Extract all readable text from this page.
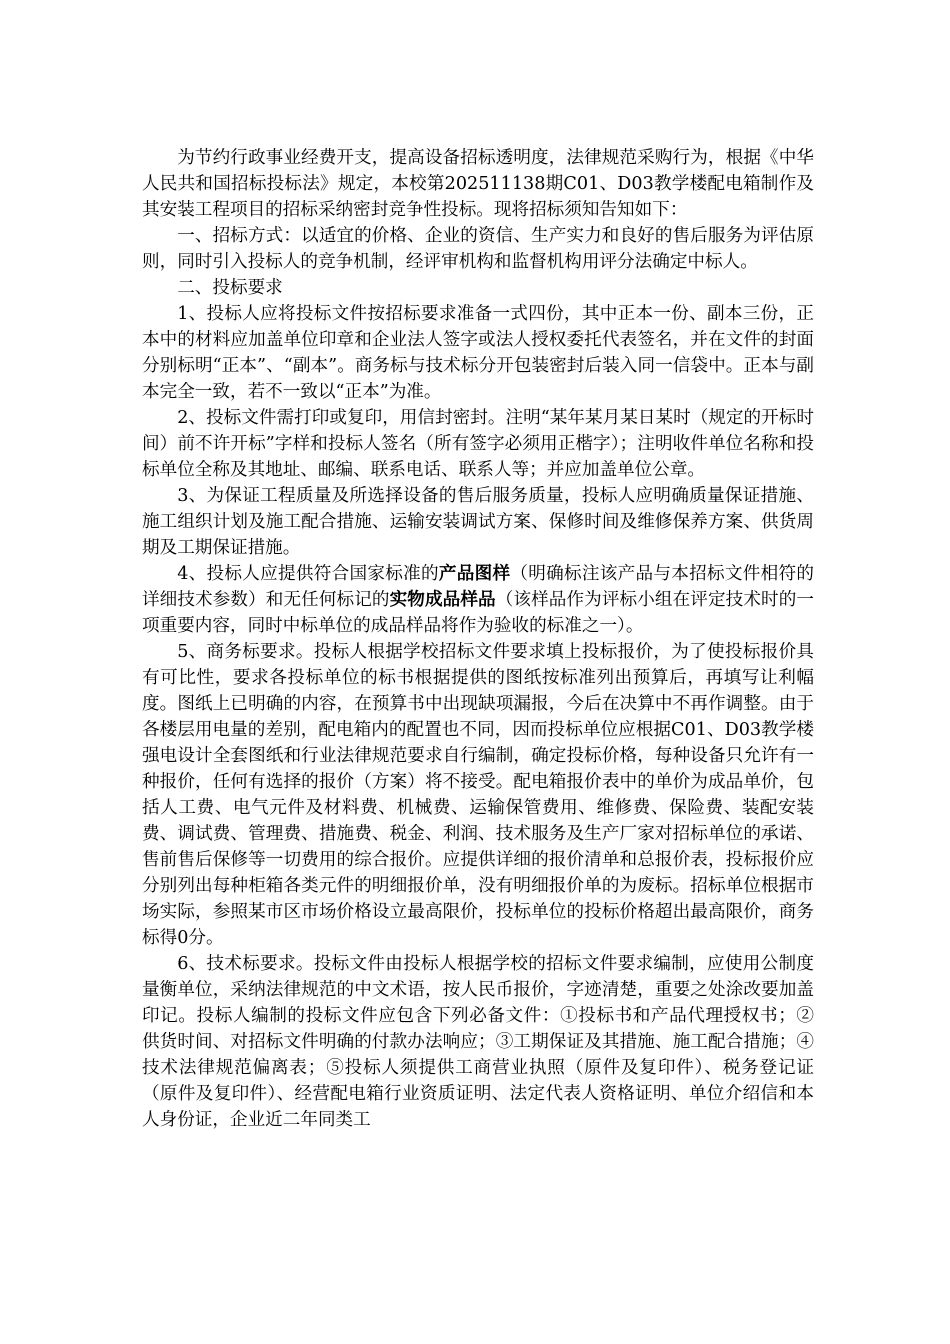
为节约行政事业经费开支，提高设备招标透明度，法律规范采购行为，根据《中华人民共和国招标投标法》规定，本校第202511138期C01、D03教学楼配电箱制作及其安装工程项目的招标采纳密封竞争性投标。现将招标须知告知如下：

一、招标方式：以适宜的价格、企业的资信、生产实力和良好的售后服务为评估原则，同时引入投标人的竞争机制，经评审机构和监督机构用评分法确定中标人。

二、投标要求

1、投标人应将投标文件按招标要求准备一式四份，其中正本一份、副本三份，正本中的材料应加盖单位印章和企业法人签字或法人授权委托代表签名，并在文件的封面分别标明“正本”、“副本”。商务标与技术标分开包装密封后装入同一信袋中。正本与副本完全一致，若不一致以“正本”为准。

2、投标文件需打印或复印，用信封密封。注明“某年某月某日某时（规定的开标时间）前不许开标”字样和投标人签名（所有签字必须用正楷字）；注明收件单位名称和投标单位全称及其地址、邮编、联系电话、联系人等；并应加盖单位公章。

3、为保证工程质量及所选择设备的售后服务质量，投标人应明确质量保证措施、施工组织计划及施工配合措施、运输安装调试方案、保修时间及维修保养方案、供货周期及工期保证措施。

4、投标人应提供符合国家标准的产品图样（明确标注该产品与本招标文件相符的详细技术参数）和无任何标记的实物成品样品（该样品作为评标小组在评定技术时的一项重要内容，同时中标单位的成品样品将作为验收的标准之一）。

5、商务标要求。投标人根据学校招标文件要求填上投标报价，为了使投标报价具有可比性，要求各投标单位的标书根据提供的图纸按标准列出预算后，再填写让利幅度。图纸上已明确的内容，在预算书中出现缺项漏报，今后在决算中不再作调整。由于各楼层用电量的差别，配电箱内的配置也不同，因而投标单位应根据C01、D03教学楼强电设计全套图纸和行业法律规范要求自行编制，确定投标价格，每种设备只允许有一种报价，任何有选择的报价（方案）将不接受。配电箱报价表中的单价为成品单价，包括人工费、电气元件及材料费、机械费、运输保管费用、维修费、保险费、装配安装费、调试费、管理费、措施费、税金、利润、技术服务及生产厂家对招标单位的承诺、售前售后保修等一切费用的综合报价。应提供详细的报价清单和总报价表，投标报价应分别列出每种柜箱各类元件的明细报价单，没有明细报价单的为废标。招标单位根据市场实际，参照某市区市场价格设立最高限价，投标单位的投标价格超出最高限价，商务标得0分。

6、技术标要求。投标文件由投标人根据学校的招标文件要求编制，应使用公制度量衡单位，采纳法律规范的中文术语，按人民币报价，字迹清楚，重要之处涂改要加盖印记。投标人编制的投标文件应包含下列必备文件：①投标书和产品代理授权书；② 供货时间、对招标文件明确的付款办法响应；③工期保证及其措施、施工配合措施；④技术法律规范偏离表；⑤投标人须提供工商营业执照（原件及复印件）、税务登记证（原件及复印件）、经营配电箱行业资质证明、法定代表人资格证明、单位介绍信和本人身份证，企业近二年同类工
